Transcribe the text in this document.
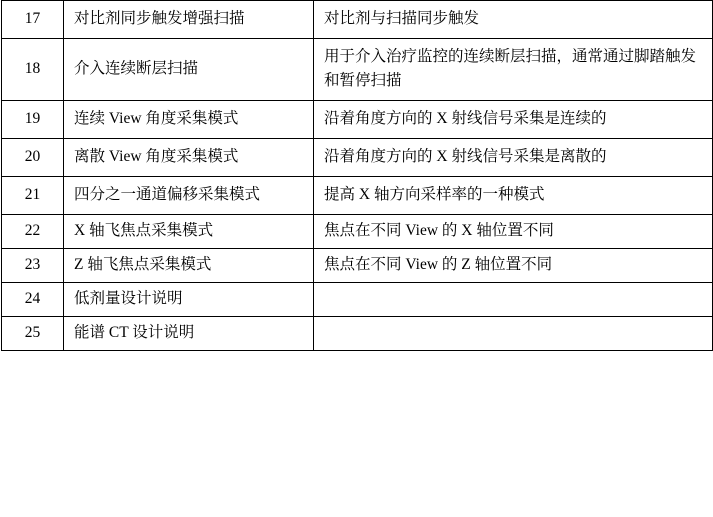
17	对比剂同步触发增强扫描	对比剂与扫描同步触发
18	介入连续断层扫描	用于介入治疗监控的连续断层扫描，通常通过脚踏触发和暂停扫描
19	连续 View 角度采集模式	沿着角度方向的 X 射线信号采集是连续的
20	离散 View 角度采集模式	沿着角度方向的 X 射线信号采集是离散的
21	四分之一通道偏移采集模式	提高 X 轴方向采样率的一种模式
22	X 轴飞焦点采集模式	焦点在不同 View 的 X 轴位置不同
23	Z 轴飞焦点采集模式	焦点在不同 View 的 Z 轴位置不同
24	低剂量设计说明	
25	能谱 CT 设计说明	
